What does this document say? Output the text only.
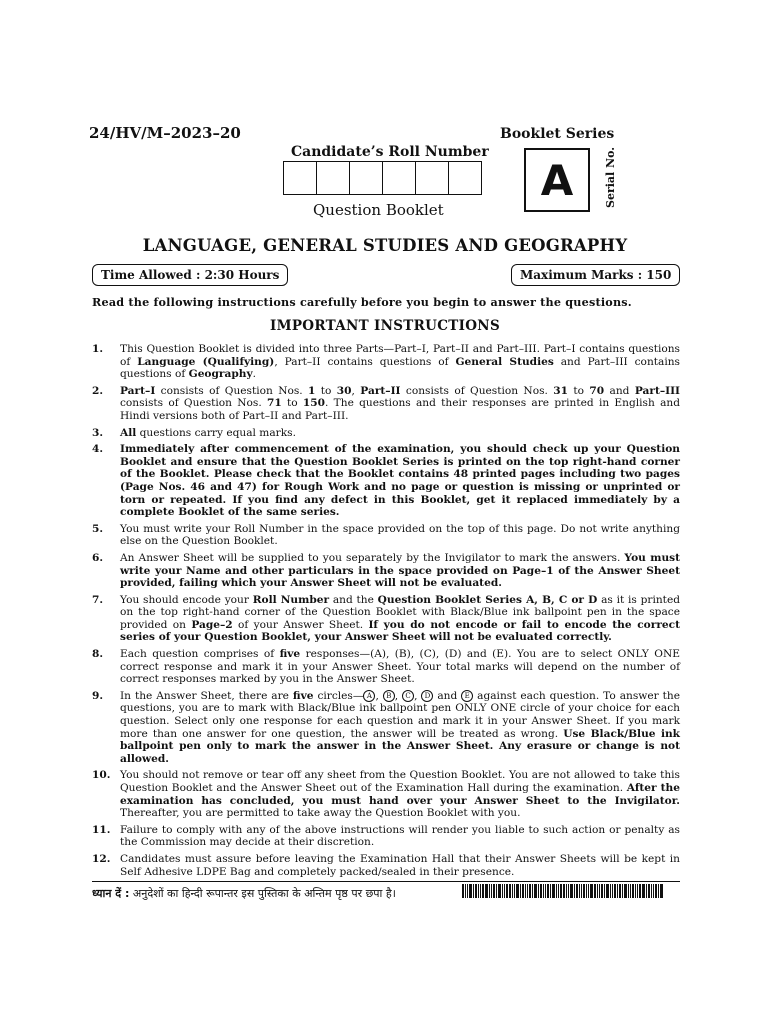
24/HV/M–2023–20	Booklet Series
Candidate’s Roll Number
A	Serial No.
Question Booklet
LANGUAGE, GENERAL STUDIES AND GEOGRAPHY
Time Allowed : 2:30 Hours	Maximum Marks : 150
Read the following instructions carefully before you begin to answer the questions.
IMPORTANT INSTRUCTIONS
1.	This Question Booklet is divided into three Parts—Part–I, Part–II and Part–III. Part–I contains questions of Language (Qualifying), Part–II contains questions of General Studies and Part–III contains questions of Geography.
2.	Part–I consists of Question Nos. 1 to 30, Part–II consists of Question Nos. 31 to 70 and Part–III consists of Question Nos. 71 to 150. The questions and their responses are printed in English and Hindi versions both of Part–II and Part–III.
3.	All questions carry equal marks.
4.	Immediately after commencement of the examination, you should check up your Question Booklet and ensure that the Question Booklet Series is printed on the top right-hand corner of the Booklet. Please check that the Booklet contains 48 printed pages including two pages (Page Nos. 46 and 47) for Rough Work and no page or question is missing or unprinted or torn or repeated. If you find any defect in this Booklet, get it replaced immediately by a complete Booklet of the same series.
5.	You must write your Roll Number in the space provided on the top of this page. Do not write anything else on the Question Booklet.
6.	An Answer Sheet will be supplied to you separately by the Invigilator to mark the answers. You must write your Name and other particulars in the space provided on Page–1 of the Answer Sheet provided, failing which your Answer Sheet will not be evaluated.
7.	You should encode your Roll Number and the Question Booklet Series A, B, C or D as it is printed on the top right-hand corner of the Question Booklet with Black/Blue ink ballpoint pen in the space provided on Page–2 of your Answer Sheet. If you do not encode or fail to encode the correct series of your Question Booklet, your Answer Sheet will not be evaluated correctly.
8.	Each question comprises of five responses—(A), (B), (C), (D) and (E). You are to select ONLY ONE correct response and mark it in your Answer Sheet. Your total marks will depend on the number of correct responses marked by you in the Answer Sheet.
9.	In the Answer Sheet, there are five circles— A , B , C , D and E against each question. To answer the questions, you are to mark with Black/Blue ink ballpoint pen ONLY ONE circle of your choice for each question. Select only one response for each question and mark it in your Answer Sheet. If you mark more than one answer for one question, the answer will be treated as wrong. Use Black/Blue ink ballpoint pen only to mark the answer in the Answer Sheet. Any erasure or change is not allowed.
10. You should not remove or tear off any sheet from the Question Booklet. You are not allowed to take this Question Booklet and the Answer Sheet out of the Examination Hall during the examination. After the examination has concluded, you must hand over your Answer Sheet to the Invigilator. Thereafter, you are permitted to take away the Question Booklet with you.
11. Failure to comply with any of the above instructions will render you liable to such action or penalty as the Commission may decide at their discretion.
12. Candidates must assure before leaving the Examination Hall that their Answer Sheets will be kept in Self Adhesive LDPE Bag and completely packed/sealed in their presence.
ध्यान दें : अनुदेशों का हिन्दी रूपान्तर इस पुस्तिका के अन्तिम पृष्ठ पर छपा है।
